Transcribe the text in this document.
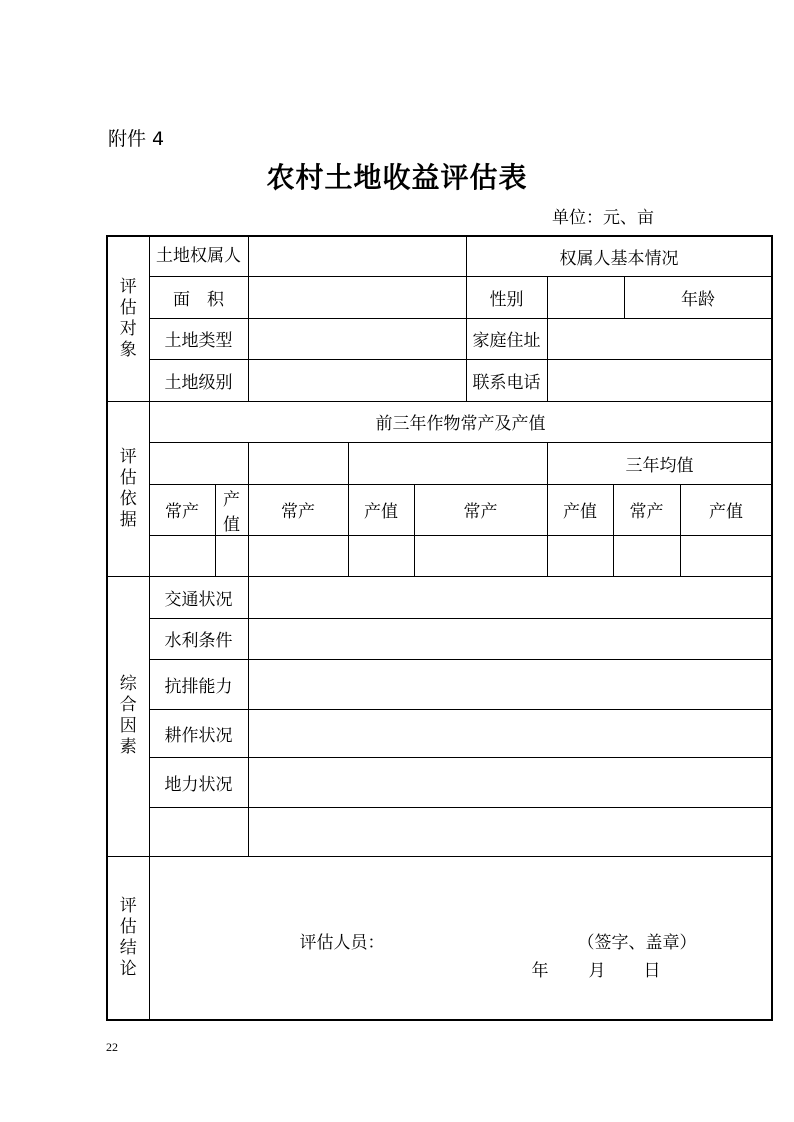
附件 4
农村土地收益评估表
单位：元、亩
评估对象	土地权属人					权属人基本情况					
	面　积					性别			年龄		
	土地类型					家庭住址					
	土地级别					联系电话					
评估依据	前三年作物常产及产值										
							三年均值				
	常产	产值	常产	产值	常产		产值	常产		产值	

综合因素	交通状况										
	水利条件										
	抗排能力										
	耕作状况										
	地力状况										

评估结论	评估人员： （签字、盖章）
年 月 日										
22
